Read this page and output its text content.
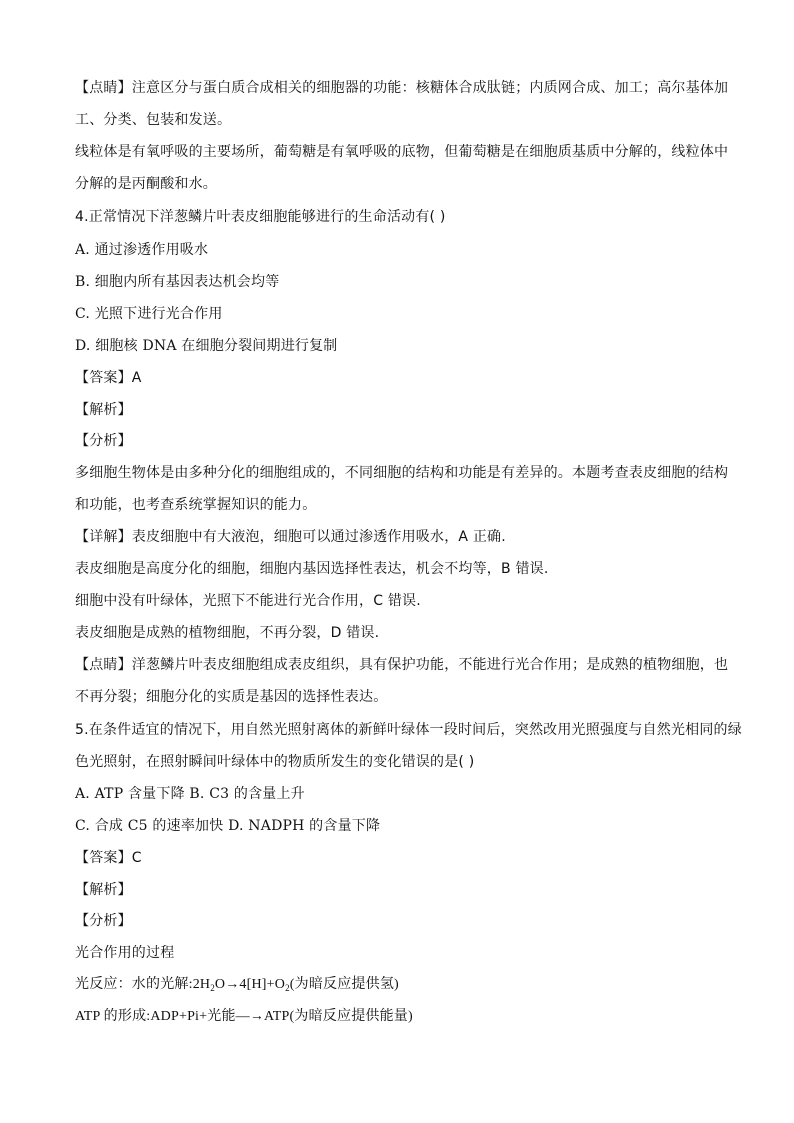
【点睛】注意区分与蛋白质合成相关的细胞器的功能：核糖体合成肽链；内质网合成、加工；高尔基体加
工、分类、包装和发送。
线粒体是有氧呼吸的主要场所，葡萄糖是有氧呼吸的底物，但葡萄糖是在细胞质基质中分解的，线粒体中
分解的是丙酮酸和水。
4.正常情况下洋葱鳞片叶表皮细胞能够进行的生命活动有( )
A. 通过渗透作用吸水
B. 细胞内所有基因表达机会均等
C. 光照下进行光合作用
D. 细胞核 DNA 在细胞分裂间期进行复制
【答案】A
【解析】
【分析】
多细胞生物体是由多种分化的细胞组成的，不同细胞的结构和功能是有差异的。本题考查表皮细胞的结构
和功能，也考查系统掌握知识的能力。
【详解】表皮细胞中有大液泡，细胞可以通过渗透作用吸水，A 正确.
表皮细胞是高度分化的细胞，细胞内基因选择性表达，机会不均等，B 错误.
细胞中没有叶绿体，光照下不能进行光合作用，C 错误.
表皮细胞是成熟的植物细胞，不再分裂，D 错误.
【点睛】洋葱鳞片叶表皮细胞组成表皮组织，具有保护功能，不能进行光合作用；是成熟的植物细胞，也
不再分裂；细胞分化的实质是基因的选择性表达。
5.在条件适宜的情况下，用自然光照射离体的新鲜叶绿体一段时间后，突然改用光照强度与自然光相同的绿
色光照射，在照射瞬间叶绿体中的物质所发生的变化错误的是( )
A. ATP 含量下降 B. C3 的含量上升
C. 合成 C5 的速率加快 D. NADPH 的含量下降
【答案】C
【解析】
【分析】
光合作用的过程
光反应：水的光解$:2H_2O\to 4[H]+O_2$(为暗反应提供氢)
ATP 的形成:ADP+Pi+光能—→ATP(为暗反应提供能量)
